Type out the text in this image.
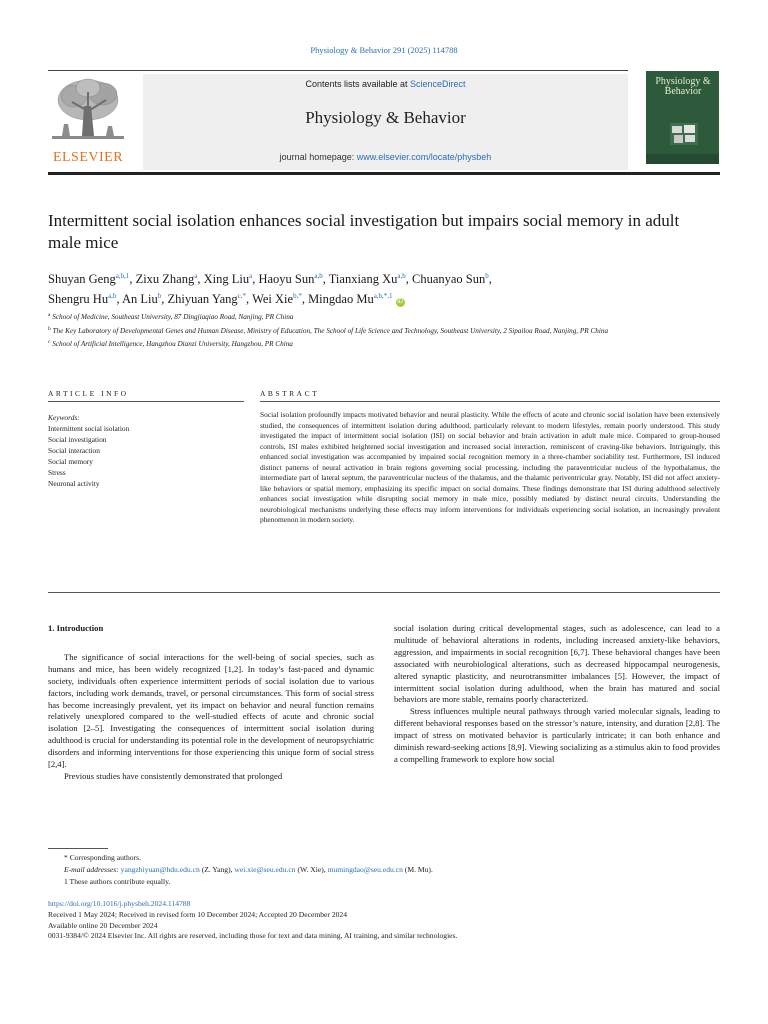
Physiology & Behavior 291 (2025) 114788
ELSEVIER
Contents lists available at ScienceDirect
Physiology & Behavior
journal homepage: www.elsevier.com/locate/physbeh
Physiology & Behavior
Intermittent social isolation enhances social investigation but impairs social memory in adult male mice
Shuyan Geng$^{a,b,1}$, Zixu Zhang$^a$, Xing Liu$^a$, Haoyu Sun$^{a,b}$, Tianxiang Xu$^{a,b}$, Chuanyao Sun$^b$,
Shengru Hu$^{a,b}$, An Liu$^b$, Zhiyuan Yang$^{c,*}$, Wei Xie$^{b,*}$, Mingdao $Mu^{a,b,*,1}$ iD
$^a$ School of Medicine, Southeast University, 87 Dingjiaqiao Road, Nanjing, PR China
$^b$ The Key Laboratory of Developmental Genes and Human Disease, Ministry of Education, The School of Life Science and Technology, Southeast University, 2 Sipailou Road, Nanjing, PR China
$^c$ School of Artificial Intelligence, Hangzhou Dianzi University, Hangzhou, PR China
ARTICLE INFO
Keywords:
Intermittent social isolation
Social investigation
Social interaction
Social memory
Stress
Neuronal activity
ABSTRACT
Social isolation profoundly impacts motivated behavior and neural plasticity. While the effects of acute and chronic social isolation have been extensively studied, the consequences of intermittent isolation during adulthood, particularly relevant to modern lifestyles, remain poorly understood. This study investigated the impact of intermittent social isolation (ISI) on social behavior and brain activation in adult male mice. Compared to group-housed controls, ISI males exhibited heightened social investigation and increased social interaction, reminiscent of craving-like behaviors. Intriguingly, this enhanced social investigation was accompanied by impaired social recognition memory in a three-chamber sociability test. Furthermore, ISI induced distinct patterns of neural activation in brain regions governing social processing, including the paraventricular nucleus of the hypothalamus, the intermediate part of lateral septum, the paraventricular nucleus of the thalamus, and the thalamic periventricular gray. Notably, ISI did not affect anxiety-like behaviors or spatial memory, emphasizing its specific impact on social domains. These findings demonstrate that ISI during adulthood selectively enhances social investigation while disrupting social memory in male mice, possibly mediated by distinct neural circuits. Understanding the neurobiological mechanisms underlying these effects may inform interventions for individuals experiencing social isolation, an increasingly prevalent phenomenon in modern society.
1. Introduction

The significance of social interactions for the well-being of social species, such as humans and mice, has been widely recognized [1,2]. In today’s fast-paced and dynamic society, individuals often experience intermittent periods of social isolation due to various factors, including work demands, travel, or personal circumstances. This form of social stress has become increasingly prevalent, yet its impact on behavior and neural function remains relatively unexplored compared to the well-studied effects of acute and chronic social isolation [2–5]. Investigating the consequences of intermittent social isolation during adulthood is crucial for understanding its potential role in the development of neuropsychiatric disorders and informing interventions for those experiencing this unique form of social stress [2,4].

Previous studies have consistently demonstrated that prolonged

social isolation during critical developmental stages, such as adolescence, can lead to a multitude of behavioral alterations in rodents, including increased anxiety-like behaviors, aggression, and impairments in social recognition [6,7]. These behavioral changes have been associated with neurobiological alterations, such as decreased hippocampal neurogenesis, altered synaptic plasticity, and neurotransmitter imbalances [5]. However, the impact of intermittent social isolation during adulthood, when the brain has matured and social behaviors are more stable, remains poorly characterized.

Stress influences multiple neural pathways through varied molecular signals, leading to different behavioral responses based on the stressor’s nature, intensity, and duration [2,8]. The impact of stress on motivated behavior is particularly intricate; it can both enhance and diminish reward-seeking actions [8,9]. Viewing socializing as a stimulus akin to food provides a compelling framework to explore how social

* Corresponding authors.
E-mail addresses: yangzhiyuan@hdu.edu.cn (Z. Yang), wei.xie@seu.edu.cn (W. Xie), mumingdao@seu.edu.cn (M. Mu).
1 These authors contribute equally.
https://doi.org/10.1016/j.physbeh.2024.114788
Received 1 May 2024; Received in revised form 10 December 2024; Accepted 20 December 2024
Available online 20 December 2024
0031-9384/© 2024 Elsevier Inc. All rights are reserved, including those for text and data mining, AI training, and similar technologies.
